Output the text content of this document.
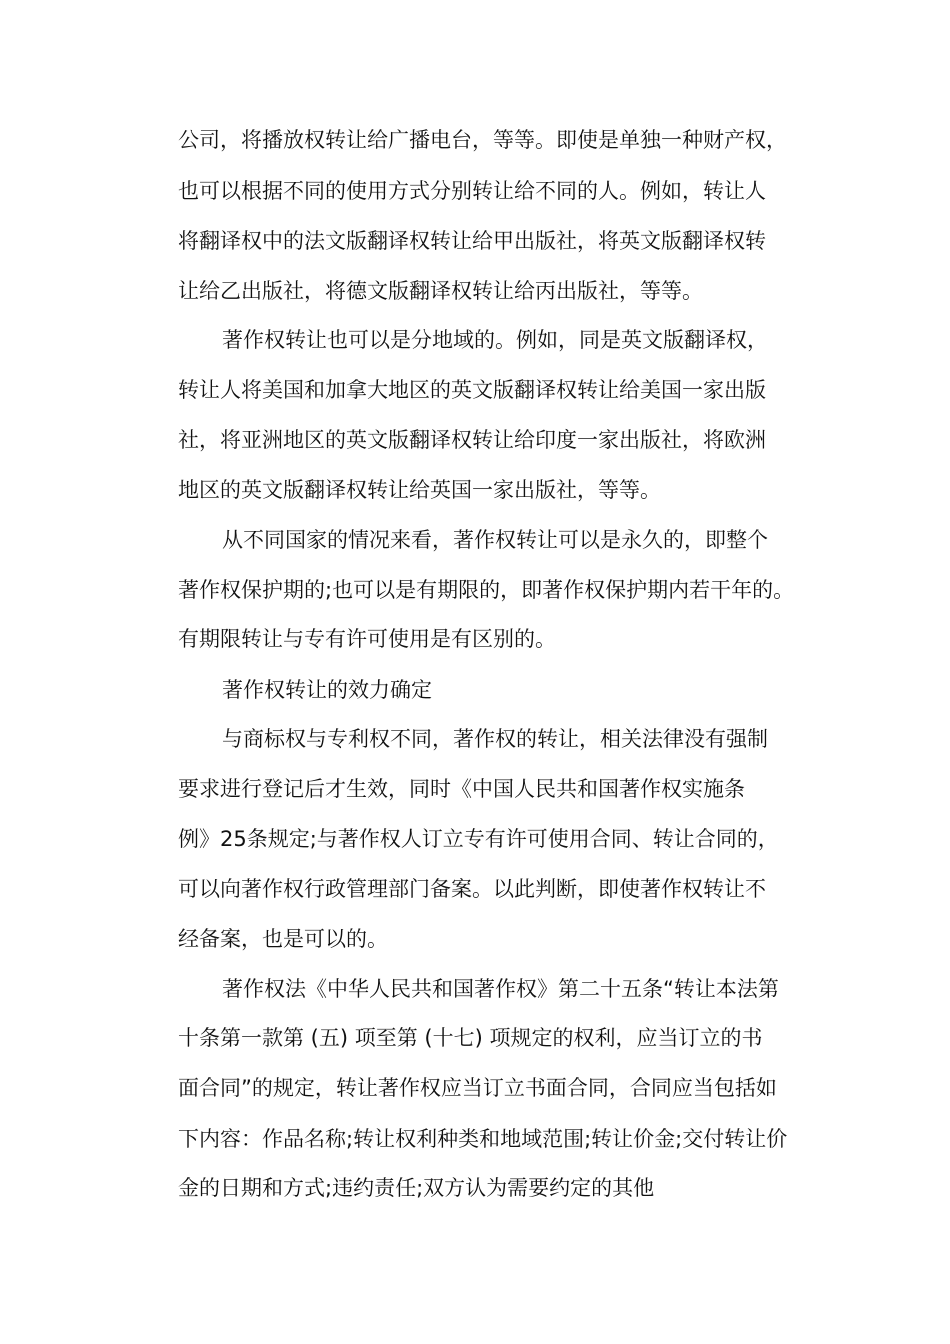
公司，将播放权转让给广播电台，等等。即使是单独一种财产权，
也可以根据不同的使用方式分别转让给不同的人。例如，转让人
将翻译权中的法文版翻译权转让给甲出版社，将英文版翻译权转
让给乙出版社，将德文版翻译权转让给丙出版社，等等。
著作权转让也可以是分地域的。例如，同是英文版翻译权，
转让人将美国和加拿大地区的英文版翻译权转让给美国一家出版
社，将亚洲地区的英文版翻译权转让给印度一家出版社，将欧洲
地区的英文版翻译权转让给英国一家出版社，等等。
从不同国家的情况来看，著作权转让可以是永久的，即整个
著作权保护期的;也可以是有期限的，即著作权保护期内若干年的。
有期限转让与专有许可使用是有区别的。
著作权转让的效力确定
与商标权与专利权不同，著作权的转让，相关法律没有强制
要求进行登记后才生效，同时《中国人民共和国著作权实施条
例》25条规定;与著作权人订立专有许可使用合同、转让合同的，
可以向著作权行政管理部门备案。以此判断，即使著作权转让不
经备案，也是可以的。
著作权法《中华人民共和国著作权》第二十五条“转让本法第
十条第一款第 (五) 项至第 (十七) 项规定的权利，应当订立的书
面合同”的规定，转让著作权应当订立书面合同，合同应当包括如
下内容：作品名称;转让权利种类和地域范围;转让价金;交付转让价
金的日期和方式;违约责任;双方认为需要约定的其他
